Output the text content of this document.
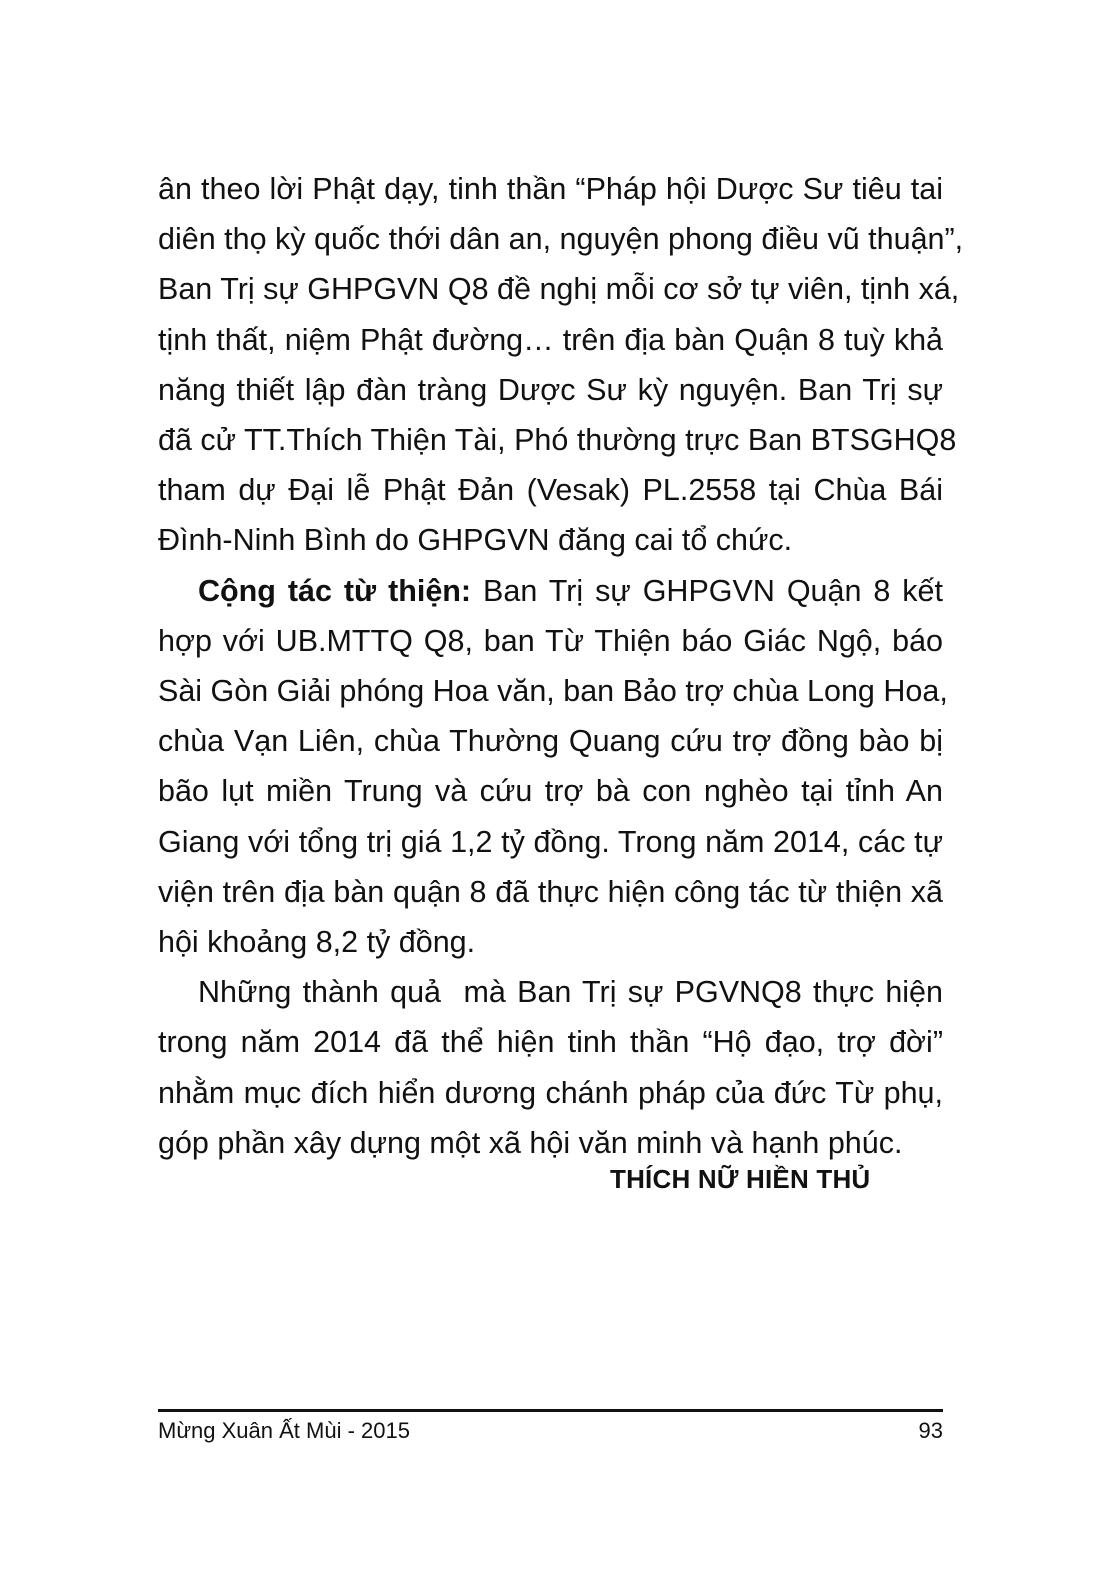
ân theo lời Phật dạy, tinh thần “Pháp hội Dược Sư tiêu tai
diên thọ kỳ quốc thới dân an, nguyện phong điều vũ thuận”,
Ban Trị sự GHPGVN Q8 đề nghị mỗi cơ sở tự viên, tịnh xá,
tịnh thất, niệm Phật đường… trên địa bàn Quận 8 tuỳ khả
năng thiết lập đàn tràng Dược Sư kỳ nguyện. Ban Trị sự
đã cử TT.Thích Thiện Tài, Phó thường trực Ban BTSGHQ8
tham dự Đại lễ Phật Đản (Vesak) PL.2558 tại Chùa Bái
Đình-Ninh Bình do GHPGVN đăng cai tổ chức.
Cộng tác từ thiện: Ban Trị sự GHPGVN Quận 8 kết
hợp với UB.MTTQ Q8, ban Từ Thiện báo Giác Ngộ, báo
Sài Gòn Giải phóng Hoa văn, ban Bảo trợ chùa Long Hoa,
chùa Vạn Liên, chùa Thường Quang cứu trợ đồng bào bị
bão lụt miền Trung và cứu trợ bà con nghèo tại tỉnh An
Giang với tổng trị giá 1,2 tỷ đồng. Trong năm 2014, các tự
viện trên địa bàn quận 8 đã thực hiện công tác từ thiện xã
hội khoảng 8,2 tỷ đồng.
Những thành quả  mà Ban Trị sự PGVNQ8 thực hiện
trong năm 2014 đã thể hiện tinh thần “Hộ đạo, trợ đời”
nhằm mục đích hiển dương chánh pháp của đức Từ phụ,
góp phần xây dựng một xã hội văn minh và hạnh phúc.
THÍCH NỮ HIỀN THỦ
Mừng Xuân Ất Mùi - 2015	93
